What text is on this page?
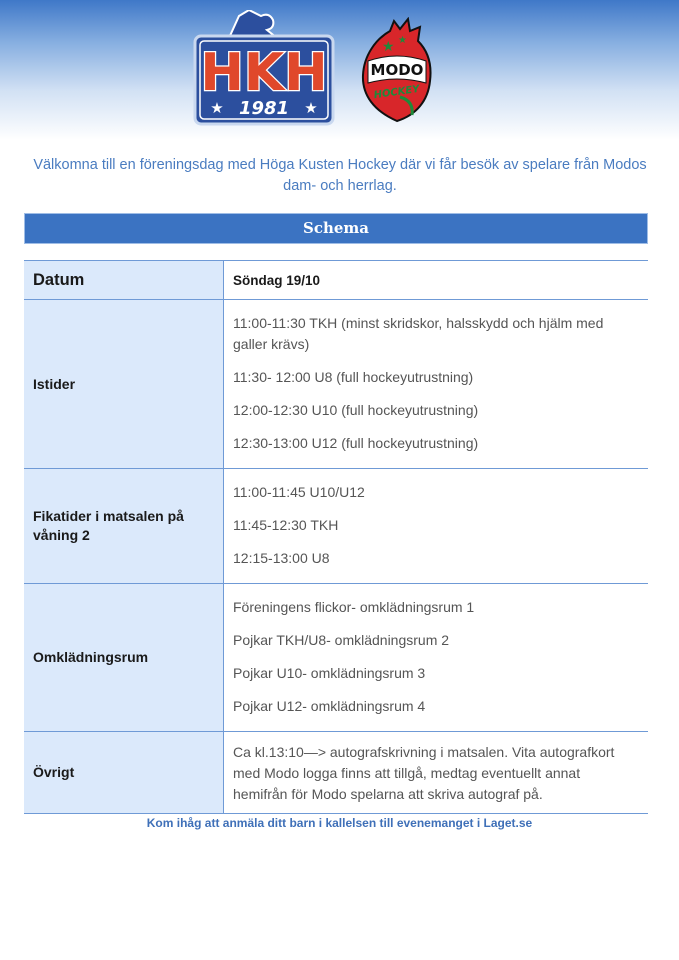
HKH
★ 1981 ★
★ ★
MODO
HOCKEY
Välkomna till en föreningsdag med Höga Kusten Hockey där vi får besök av spelare från Modos dam- och herrlag.
Schema
Datum	Söndag 19/10
Istider	11:00-11:30 TKH (minst skridskor, halsskydd och hjälm med galler krävs)

11:30- 12:00 U8 (full hockeyutrustning)

12:00-12:30 U10 (full hockeyutrustning)

12:30-13:00 U12 (full hockeyutrustning)

Fikatider i matsalen på våning 2	11:00-11:45 U10/U12

11:45-12:30 TKH

12:15-13:00 U8

Omklädningsrum	Föreningens flickor- omklädningsrum 1

Pojkar TKH/U8- omklädningsrum 2

Pojkar U10- omklädningsrum 3

Pojkar U12- omklädningsrum 4

Övrigt	Ca kl.13:10—> autografskrivning i matsalen. Vita autografkort med Modo logga finns att tillgå, medtag eventuellt annat hemifrån för Modo spelarna att skriva autograf på.
Kom ihåg att anmäla ditt barn i kallelsen till evenemanget i Laget.se
